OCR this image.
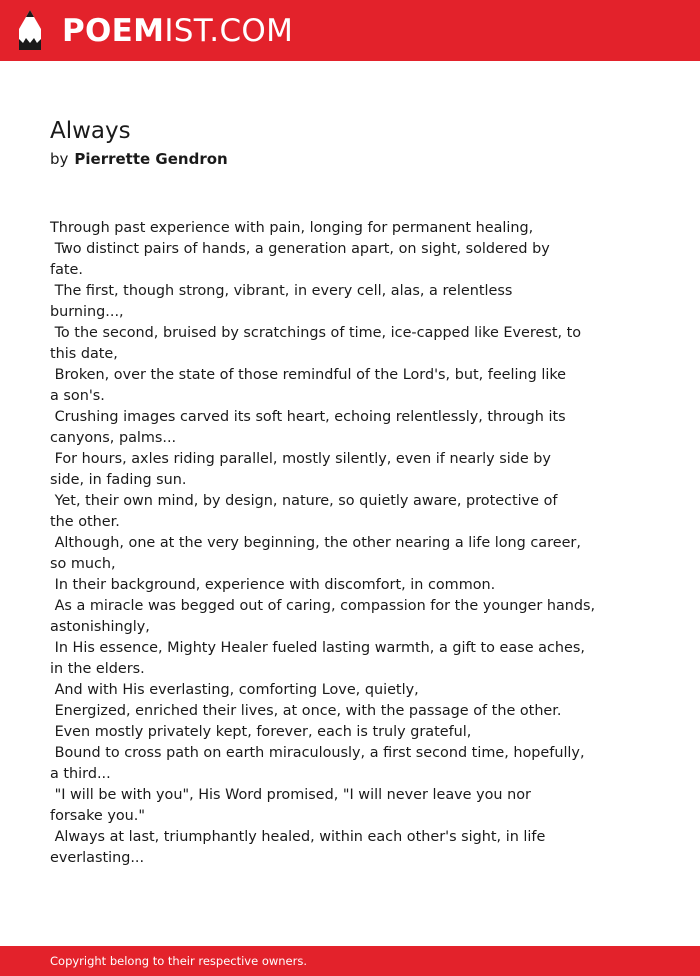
POEMIST.COM
Always
by Pierrette Gendron
Through past experience with pain, longing for permanent healing,
Two distinct pairs of hands, a generation apart, on sight, soldered by
fate.
The first, though strong, vibrant, in every cell, alas, a relentless
burning...,
To the second, bruised by scratchings of time, ice-capped like Everest, to
this date,
Broken, over the state of those remindful of the Lord's, but, feeling like
a son's.
Crushing images carved its soft heart, echoing relentlessly, through its
canyons, palms...
For hours, axles riding parallel, mostly silently, even if nearly side by
side, in fading sun.
Yet, their own mind, by design, nature, so quietly aware, protective of
the other.
Although, one at the very beginning, the other nearing a life long career,
so much,
In their background, experience with discomfort, in common.
As a miracle was begged out of caring, compassion for the younger hands,
astonishingly,
In His essence, Mighty Healer fueled lasting warmth, a gift to ease aches,
in the elders.
And with His everlasting, comforting Love, quietly,
Energized, enriched their lives, at once, with the passage of the other.
Even mostly privately kept, forever, each is truly grateful,
Bound to cross path on earth miraculously, a first second time, hopefully,
a third...
"I will be with you", His Word promised, "I will never leave you nor
forsake you."
Always at last, triumphantly healed, within each other's sight, in life
everlasting...
Copyright belong to their respective owners.
